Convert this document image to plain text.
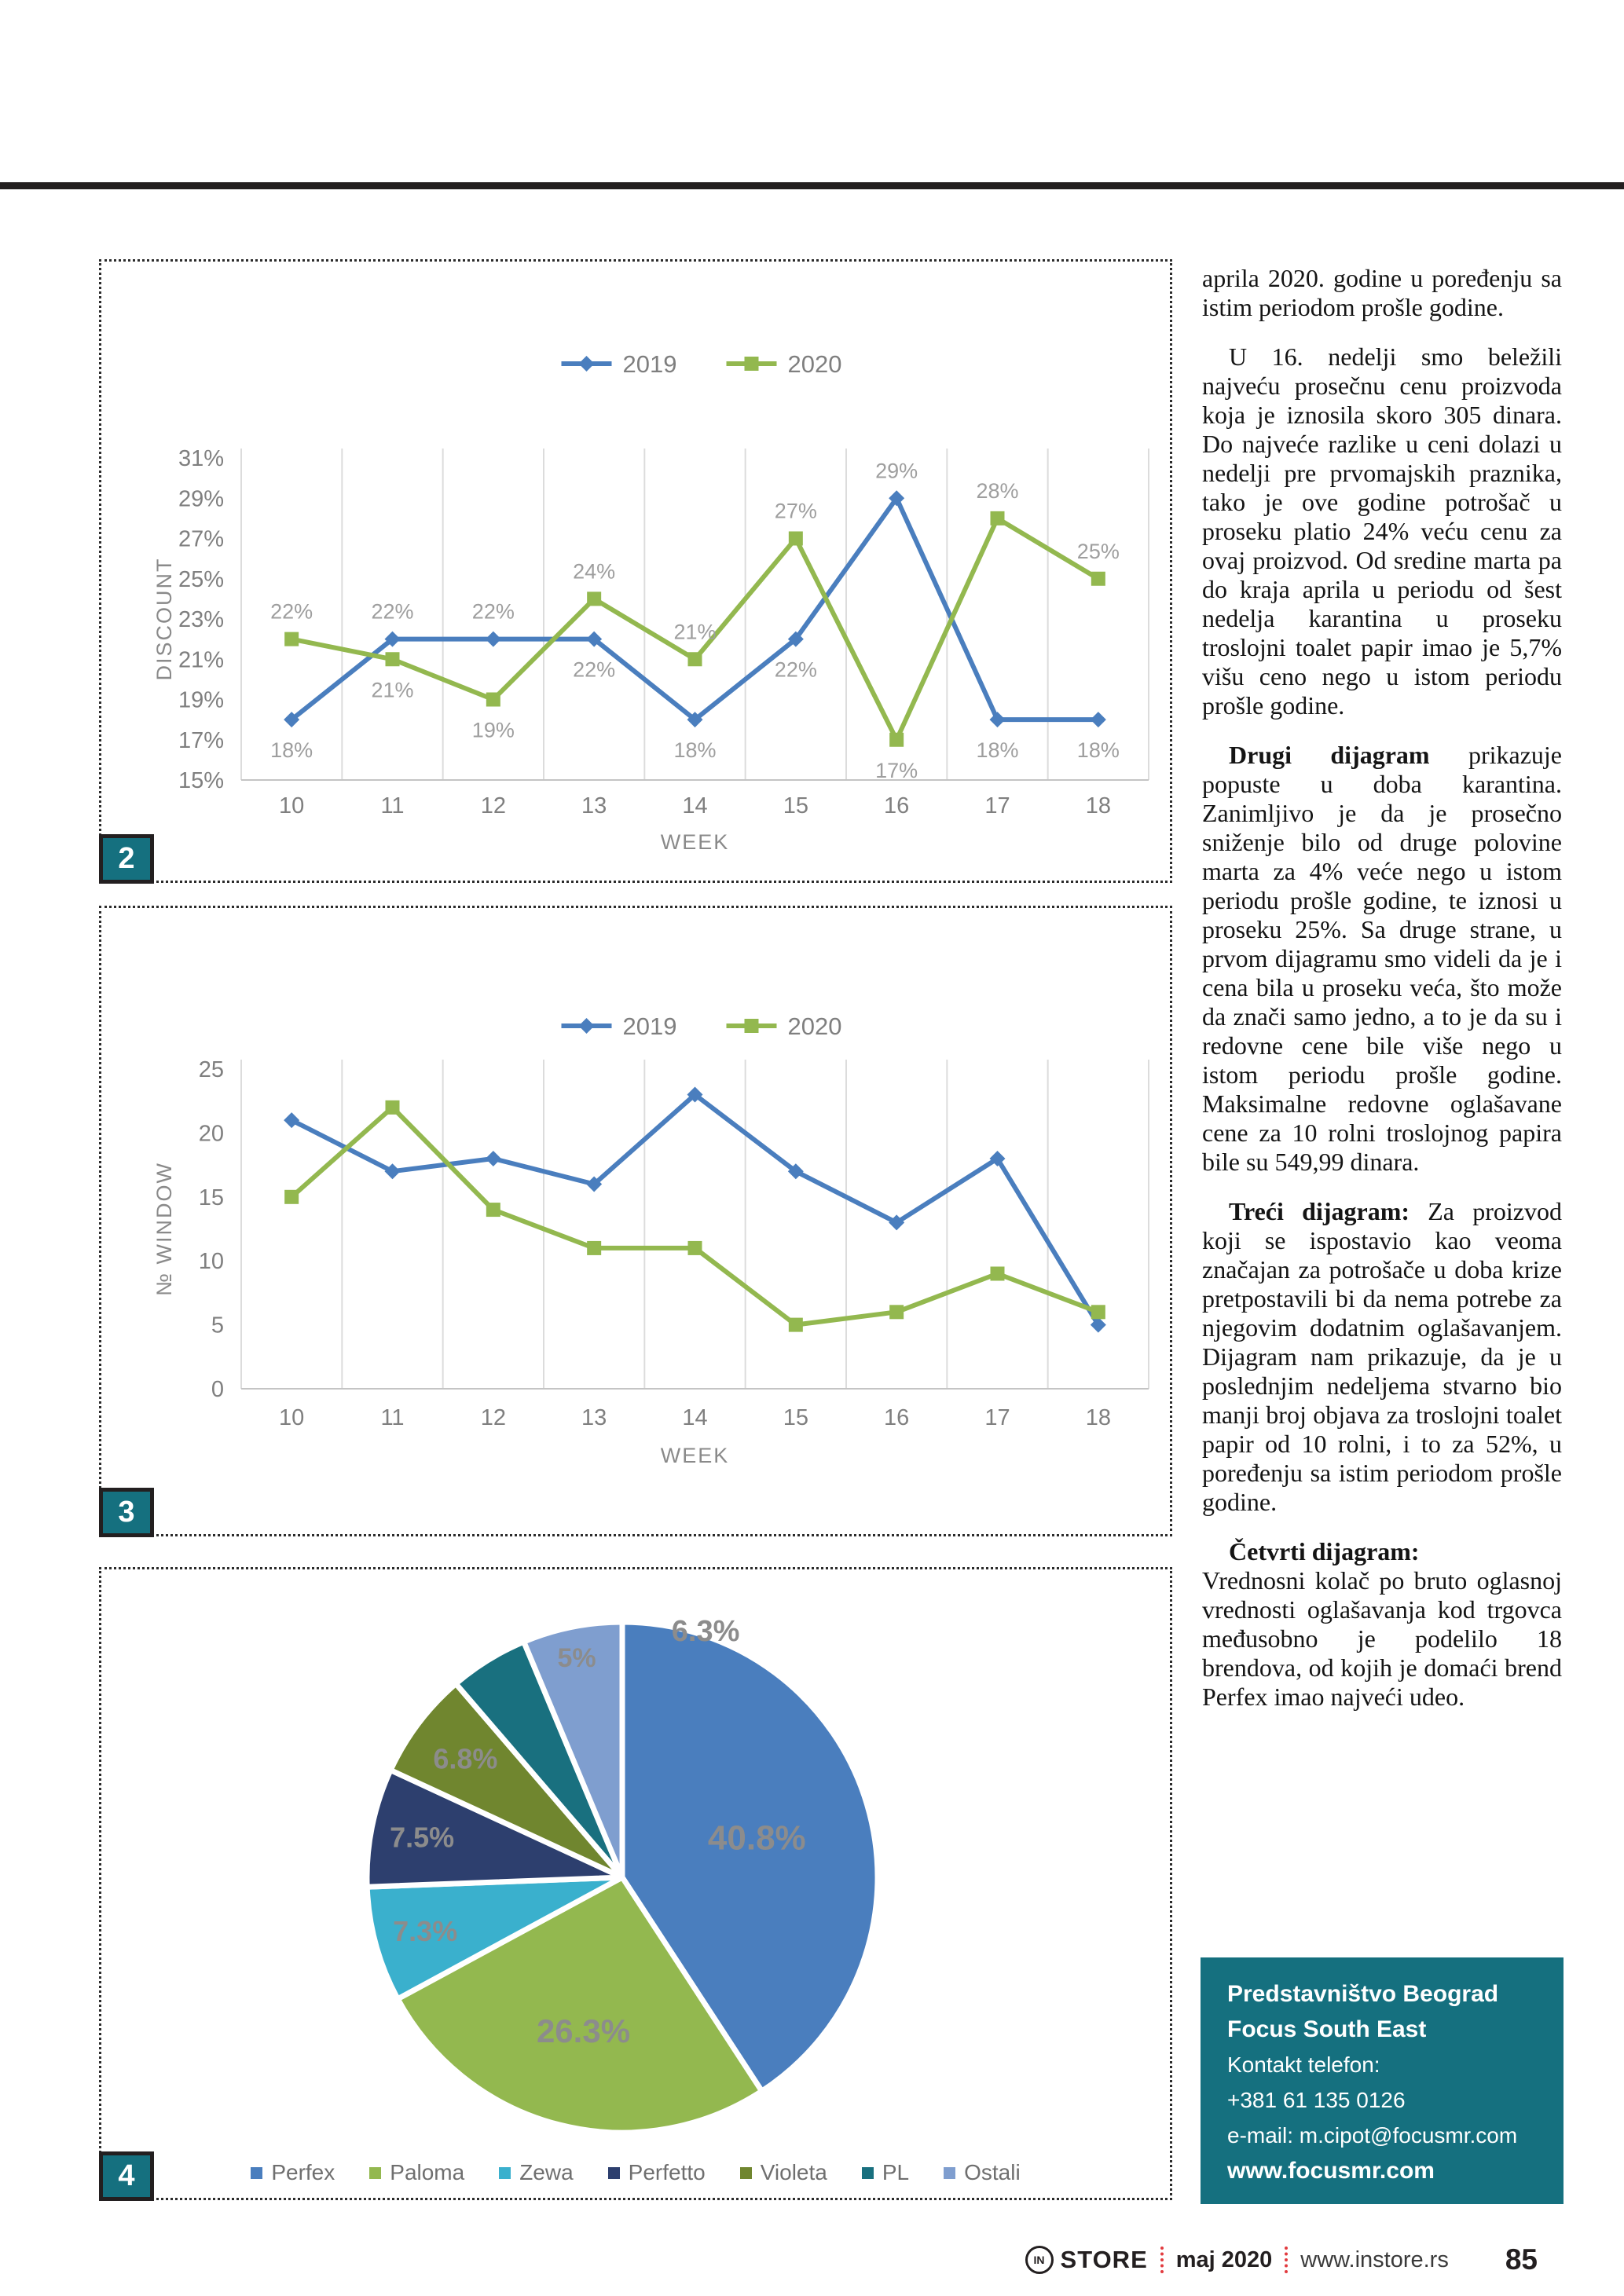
31%
29%
27%
25%
23%
21%
19%
17%
15%
10	11	12	13	14	15	16	17	18
WEEK
DISCOUNT
2019	2020
18%
22%	22%
22%
18%
22%
29%
18%	18%
22%
21%
19%
24%
21%
27%
17%
28%
25%
2
25
20
15
10
5
0
10	11	12	13	14	15	16	17	18
WEEK
№ WINDOW
2019	2020
3
40.8%
26.3%
7.3%
7.5%
6.8%
5%
6.3%
Perfex	Paloma	Zewa	Perfetto	Violeta	PL	Ostali
4

aprila 2020. godine u poređenju sa istim periodom prošle godine.

U 16. nedelji smo beležili najveću prosečnu cenu proizvoda koja je iznosila skoro 305 dinara. Do najveće razlike u ceni dolazi u nedelji pre prvomajskih praznika, tako je ove godine potrošač u proseku platio 24% veću cenu za ovaj proizvod. Od sredine marta pa do kraja aprila u periodu od šest nedelja karantina u proseku troslojni toalet papir imao je 5,7% višu ceno nego u istom periodu prošle godine.

Drugi dijagram prikazuje popuste u doba karantina. Zanimljivo je da je prosečno sniženje bilo od druge polovine marta za 4% veće nego u istom periodu prošle godine, te iznosi u proseku 25%. Sa druge strane, u prvom dijagramu smo videli da je i cena bila u proseku veća, što može da znači samo jedno, a to je da su i redovne cene bile više nego u istom periodu prošle godine. Maksimalne redovne oglašavane cene za 10 rolni troslojnog papira bile su 549,99 dinara.

Treći dijagram: Za proizvod koji se ispostavio kao veoma značajan za potrošače u doba krize pretpostavili bi da nema potrebe za njegovim dodatnim oglašavanjem. Dijagram nam prikazuje, da je u poslednjim nedeljema stvarno bio manji broj objava za troslojni toalet papir od 10 rolni, i to za 52%, u poređenju sa istim periodom prošle godine.

Četvrti dijagram:
Vrednosni kolač po bruto oglasnoj vrednosti oglašavanja kod trgovca međusobno je podelilo 18 brendova, od kojih je domaći brend Perfex imao najveći udeo.

Predstavništvo Beograd
Focus South East
Kontakt telefon:
+381 61 135 0126
e-mail: m.cipot@focusmr.com
www.focusmr.com
IN STORE maj 2020 www.instore.rs 85
